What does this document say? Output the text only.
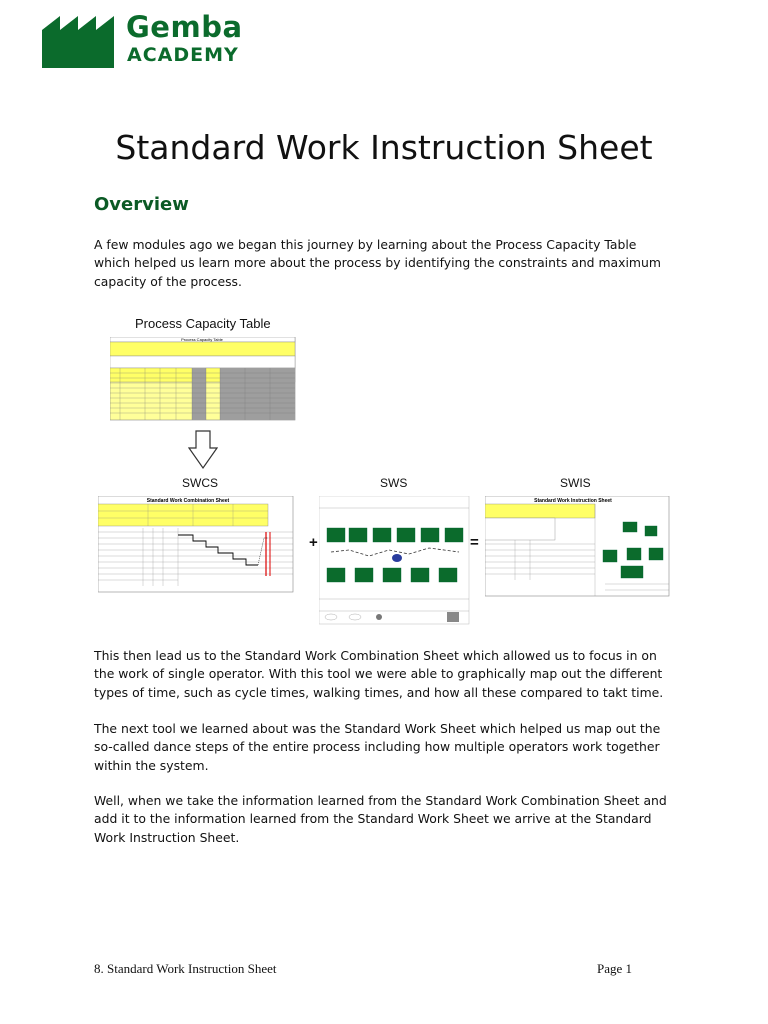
Gemba
ACADEMY
Standard Work Instruction Sheet
Overview

A few modules ago we began this journey by learning about the Process Capacity Table which helped us learn more about the process by identifying the constraints and maximum capacity of the process.

Process Capacity Table
Process Capacity Table
SWCS	SWS	SWIS
Standard Work Combination Sheet
+	=
Standard Work Instruction Sheet

This then lead us to the Standard Work Combination Sheet which allowed us to focus in on the work of single operator. With this tool we were able to graphically map out the different types of time, such as cycle times, walking times, and how all these compared to takt time.

The next tool we learned about was the Standard Work Sheet which helped us map out the so-called dance steps of the entire process including how multiple operators work together within the system.

Well, when we take the information learned from the Standard Work Combination Sheet and add it to the information learned from the Standard Work Sheet we arrive at the Standard Work Instruction Sheet.

8. Standard Work Instruction Sheet	Page 1
